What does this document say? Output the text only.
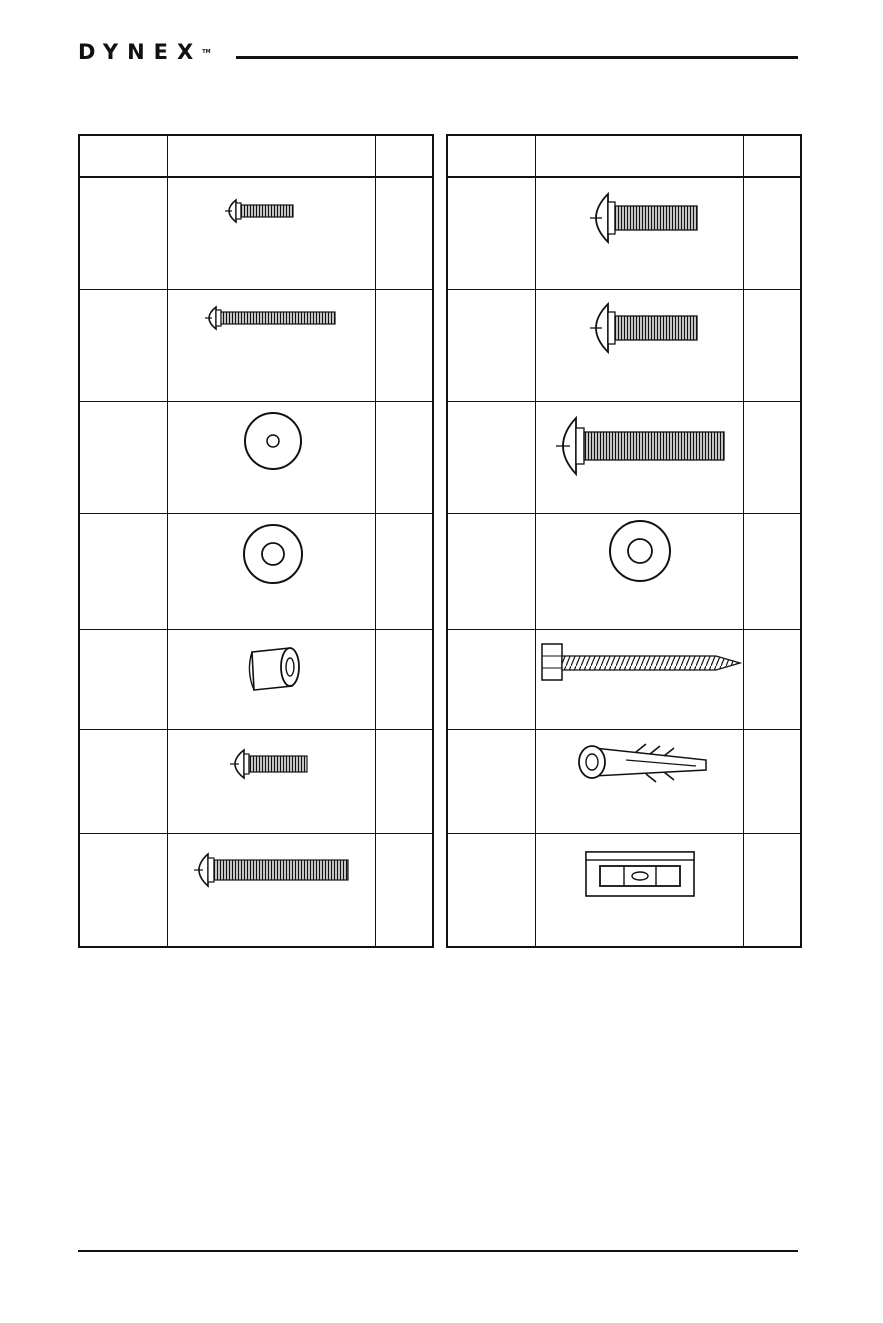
DYNEXTM
